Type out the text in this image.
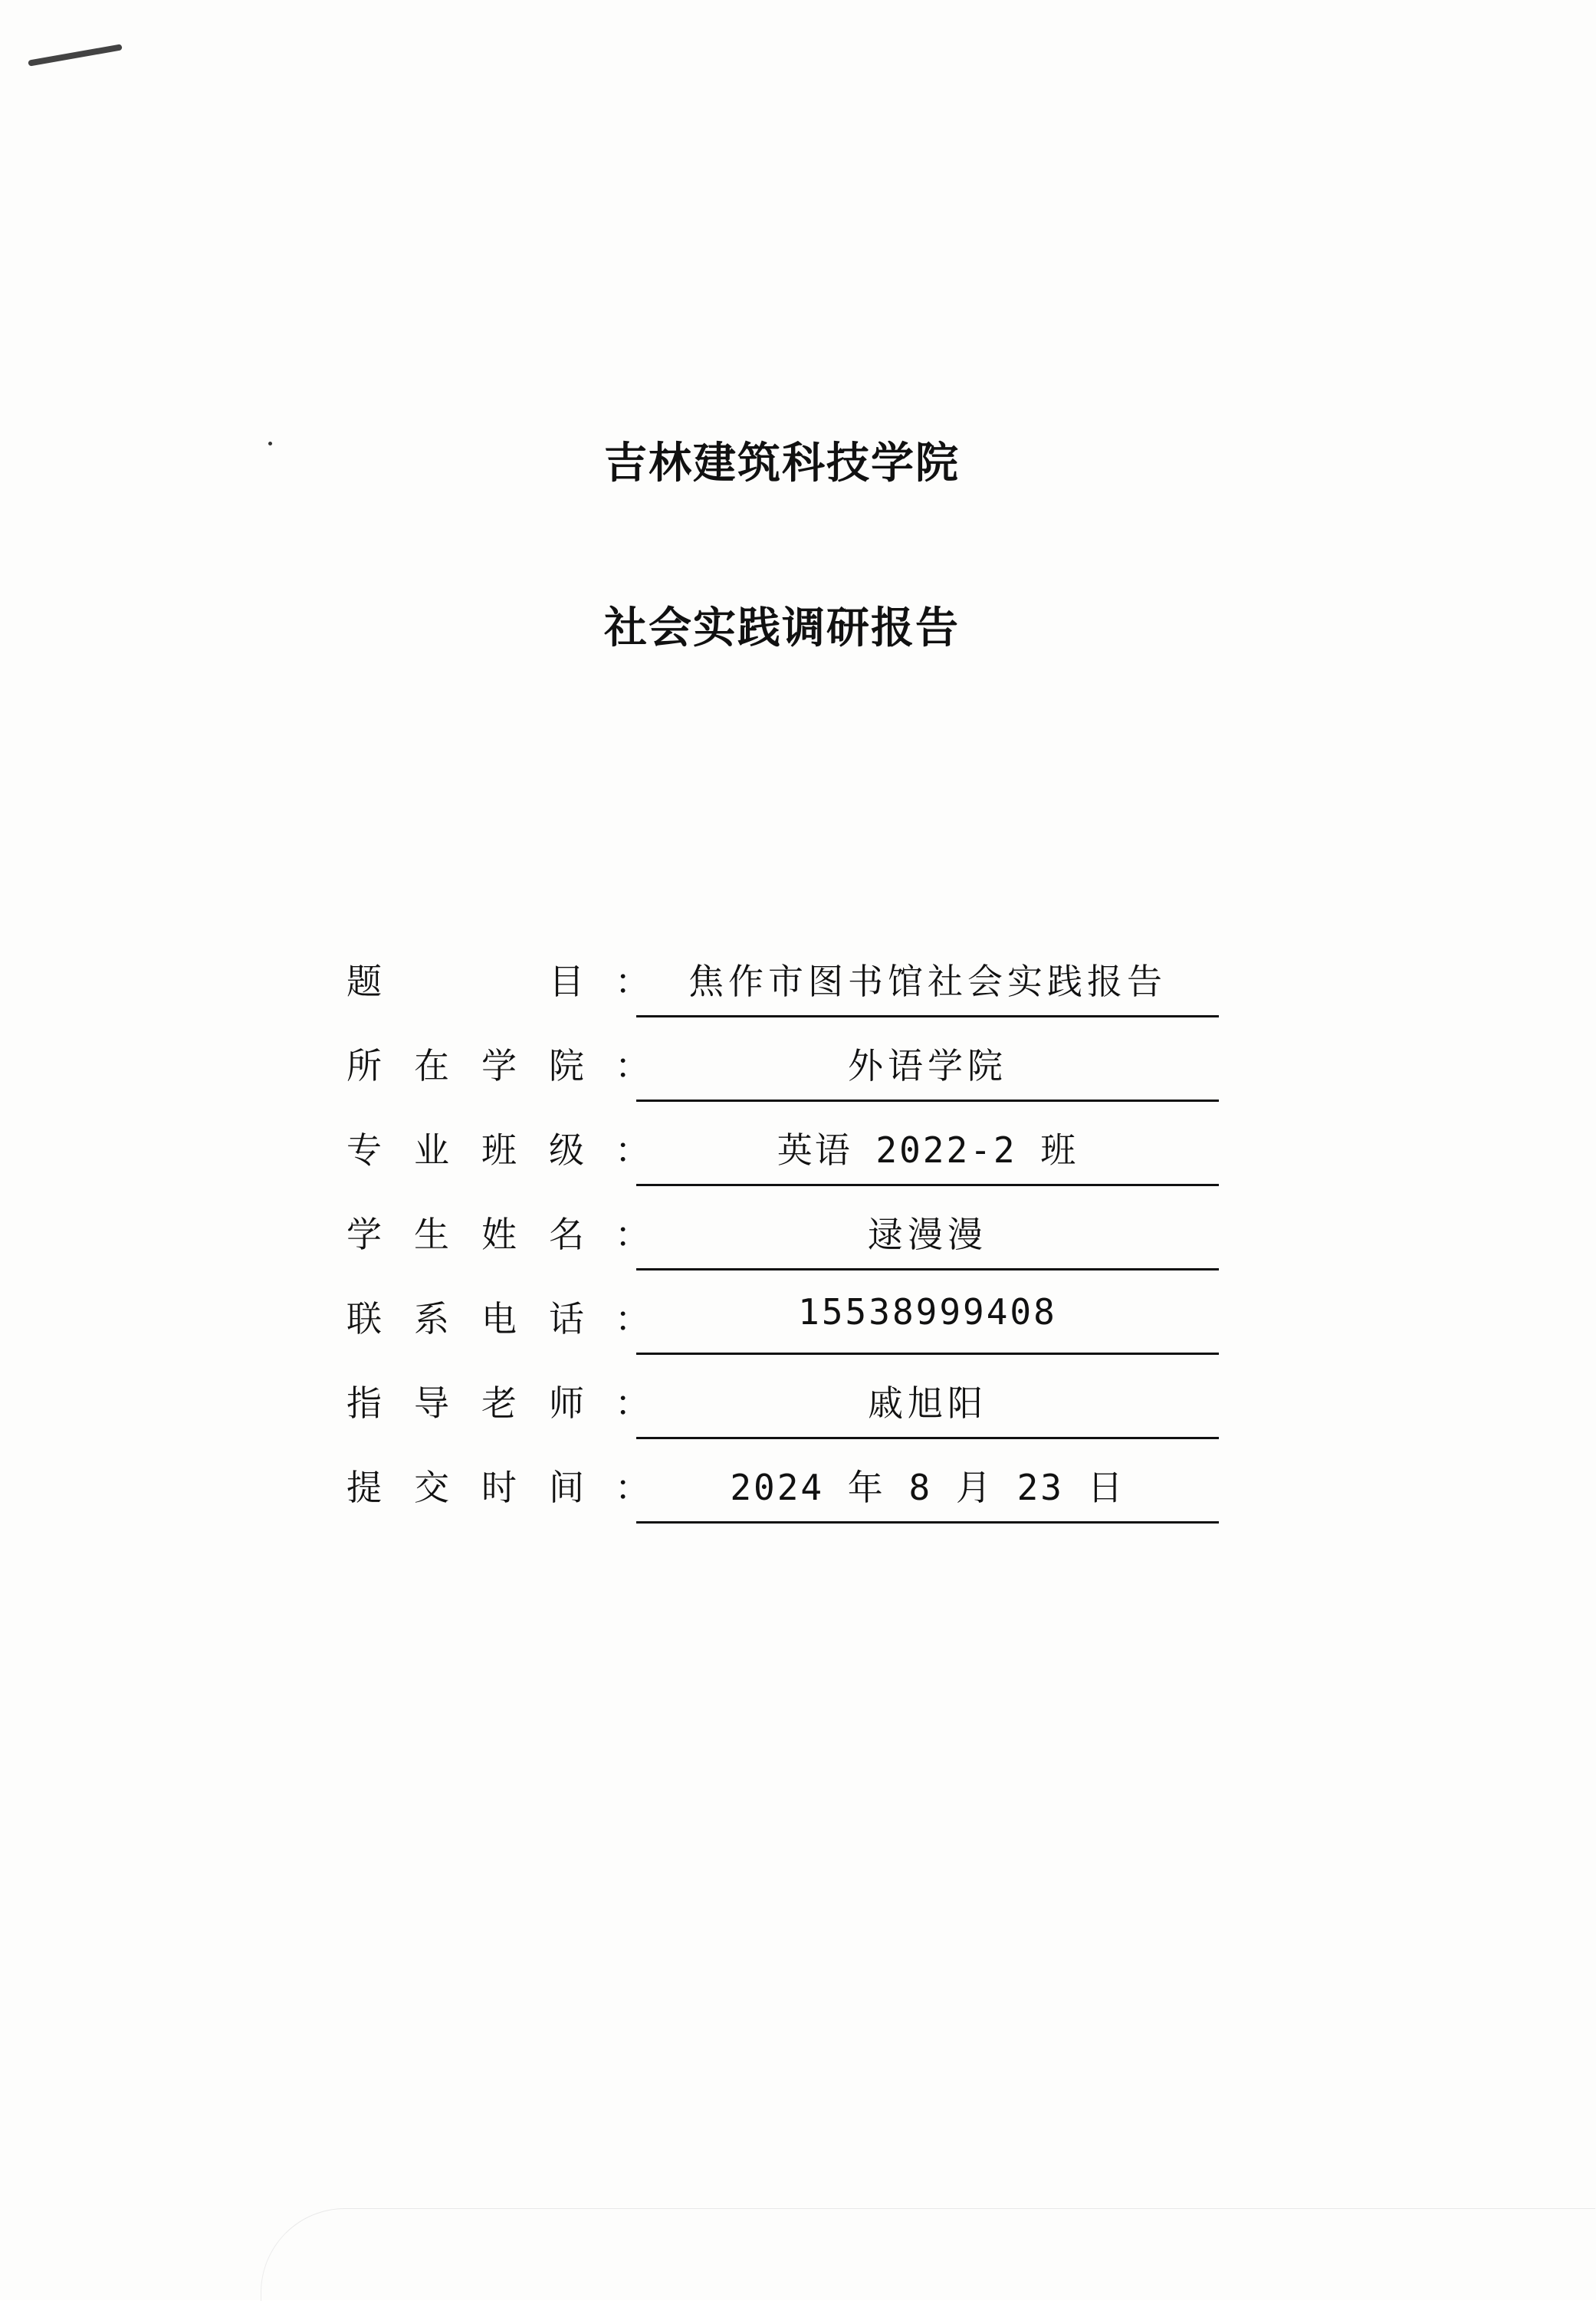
吉林建筑科技学院
社会实践调研报告
题	目 ：	焦作市图书馆社会实践报告
所 在 学 院 ：	外语学院
专 业 班 级 ：	英语 2022-2 班
学 生 姓 名 ：	逯漫漫
联 系 电 话 ：	15538999408
指 导 老 师 ：	戚旭阳
提 交 时 间 ：	2024 年 8 月 23 日
